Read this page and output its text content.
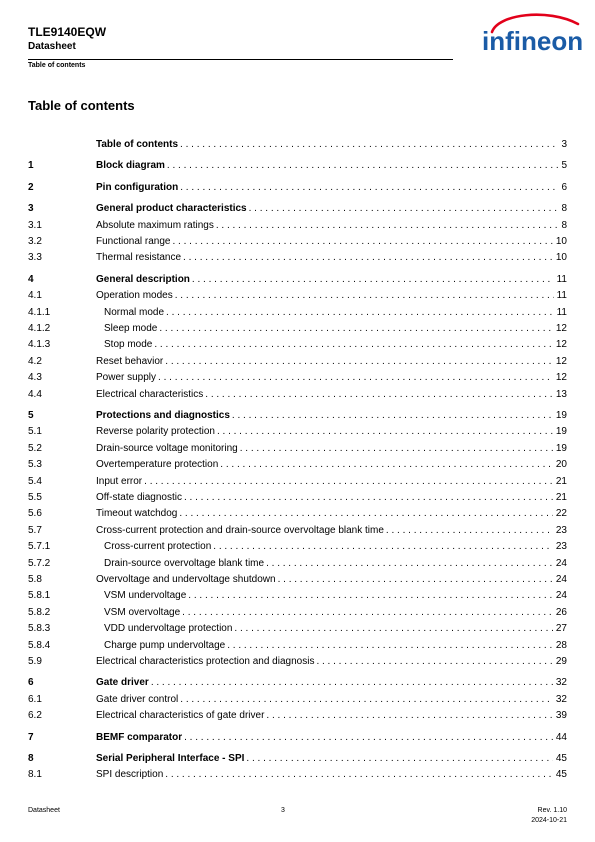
TLE9140EQW
Datasheet
Table of contents
infineon
Table of contents
Table of contents . . .	3
1	Block diagram . . .	5
2	Pin configuration . . .	6
3	General product characteristics . . .	8
3.1	Absolute maximum ratings . . .	8
3.2	Functional range . . .	10
3.3	Thermal resistance . . .	10
4	General description . . .	11
4.1	Operation modes . . .	11
4.1.1	Normal mode . . .	11
4.1.2	Sleep mode . . .	12
4.1.3	Stop mode . . .	12
4.2	Reset behavior . . .	12
4.3	Power supply . . .	12
4.4	Electrical characteristics . . .	13
5	Protections and diagnostics . . .	19
5.1	Reverse polarity protection . . .	19
5.2	Drain-source voltage monitoring . . .	19
5.3	Overtemperature protection . . .	20
5.4	Input error . . .	21
5.5	Off-state diagnostic . . .	21
5.6	Timeout watchdog . . .	22
5.7	Cross-current protection and drain-source overvoltage blank time . . .	23
5.7.1	Cross-current protection . . .	23
5.7.2	Drain-source overvoltage blank time . . .	24
5.8	Overvoltage and undervoltage shutdown . . .	24
5.8.1	VSM undervoltage . . .	24
5.8.2	VSM overvoltage . . .	26
5.8.3	VDD undervoltage protection . . .	27
5.8.4	Charge pump undervoltage . . .	28
5.9	Electrical characteristics protection and diagnosis . . .	29
6	Gate driver . . .	32
6.1	Gate driver control . . .	32
6.2	Electrical characteristics of gate driver . . .	39
7	BEMF comparator . . .	44
8	Serial Peripheral Interface - SPI . . .	45
8.1	SPI description . . .	45
Datasheet	3	Rev. 1.10
2024-10-21
